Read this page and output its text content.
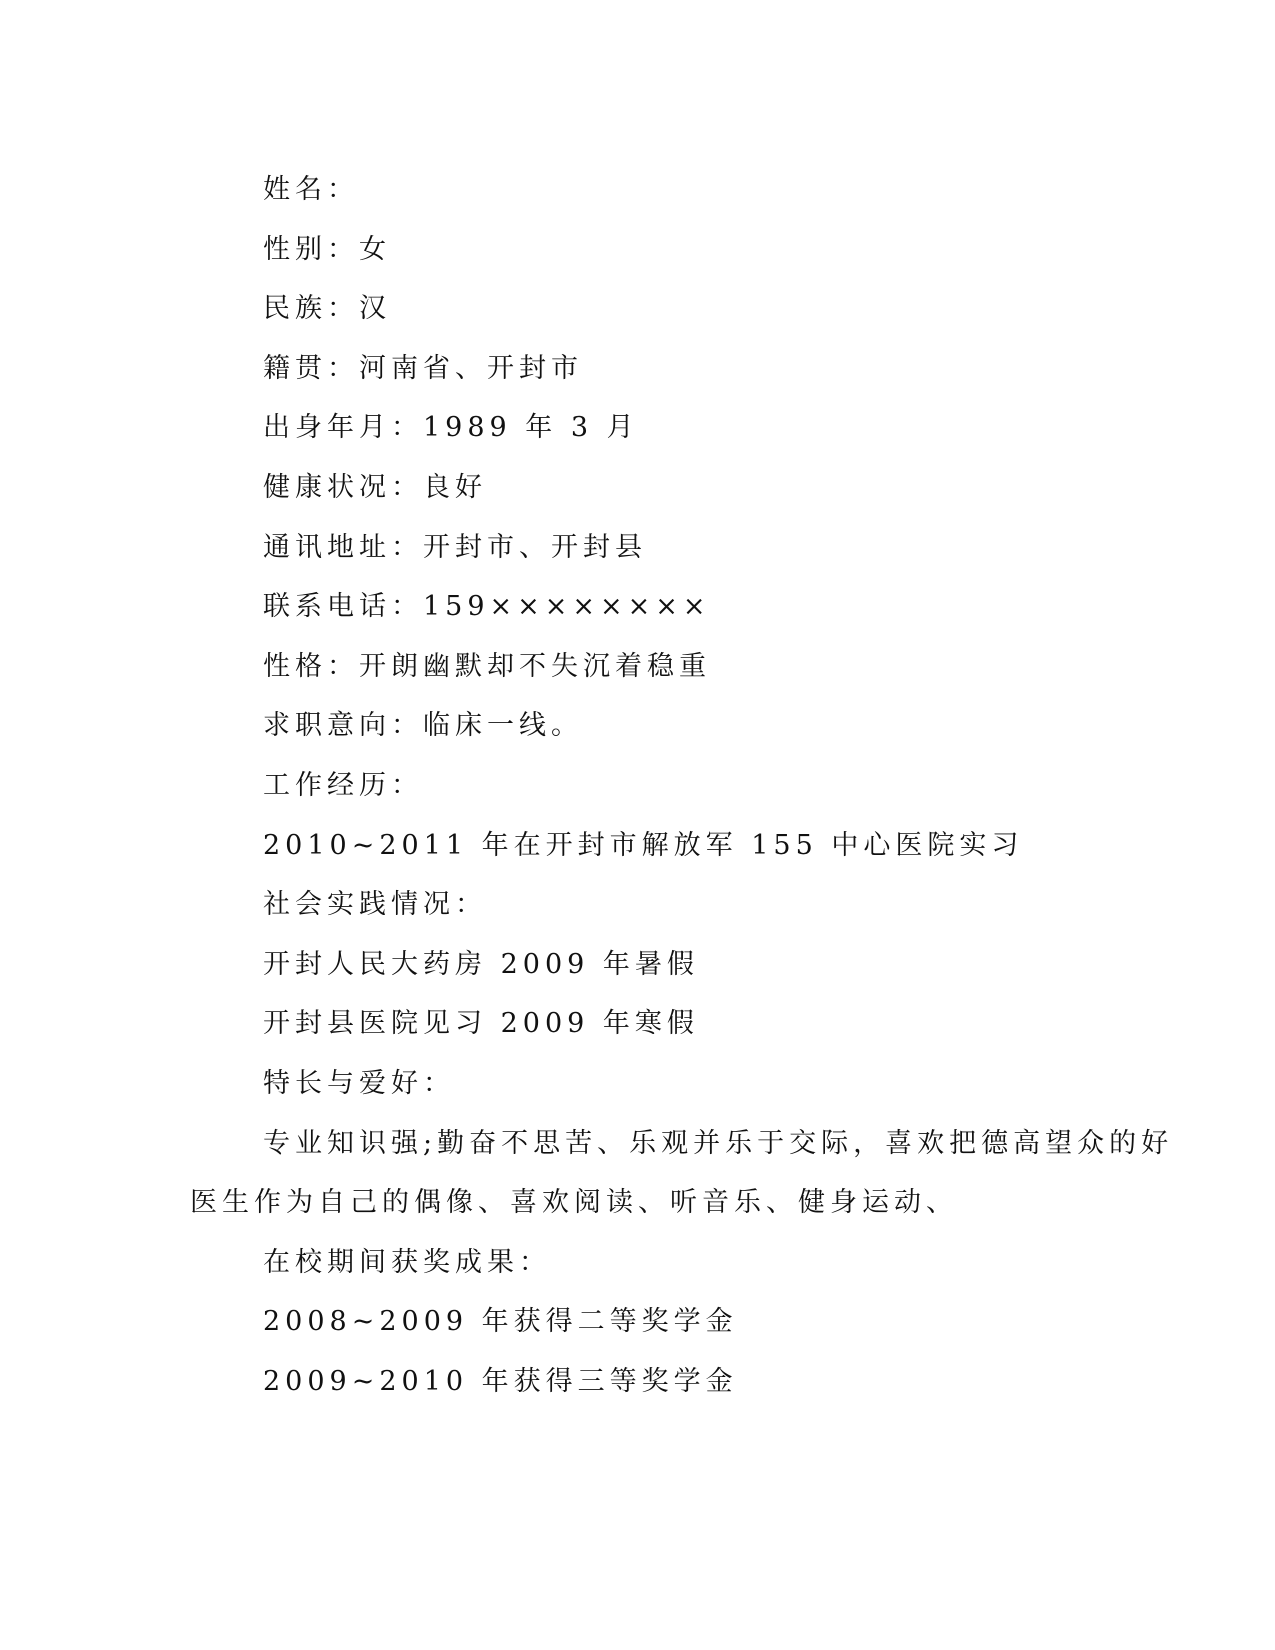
姓名：
性别：女
民族：汉
籍贯：河南省、开封市
出身年月：1989 年 3 月
健康状况：良好
通讯地址：开封市、开封县
联系电话：159××××××××
性格：开朗幽默却不失沉着稳重
求职意向：临床一线。
工作经历：
2010~2011 年在开封市解放军 155 中心医院实习
社会实践情况：
开封人民大药房 2009 年暑假
开封县医院见习 2009 年寒假
特长与爱好：
专业知识强;勤奋不思苦、乐观并乐于交际，喜欢把德高望众的好
医生作为自己的偶像、喜欢阅读、听音乐、健身运动、
在校期间获奖成果：
2008~2009 年获得二等奖学金
2009~2010 年获得三等奖学金
